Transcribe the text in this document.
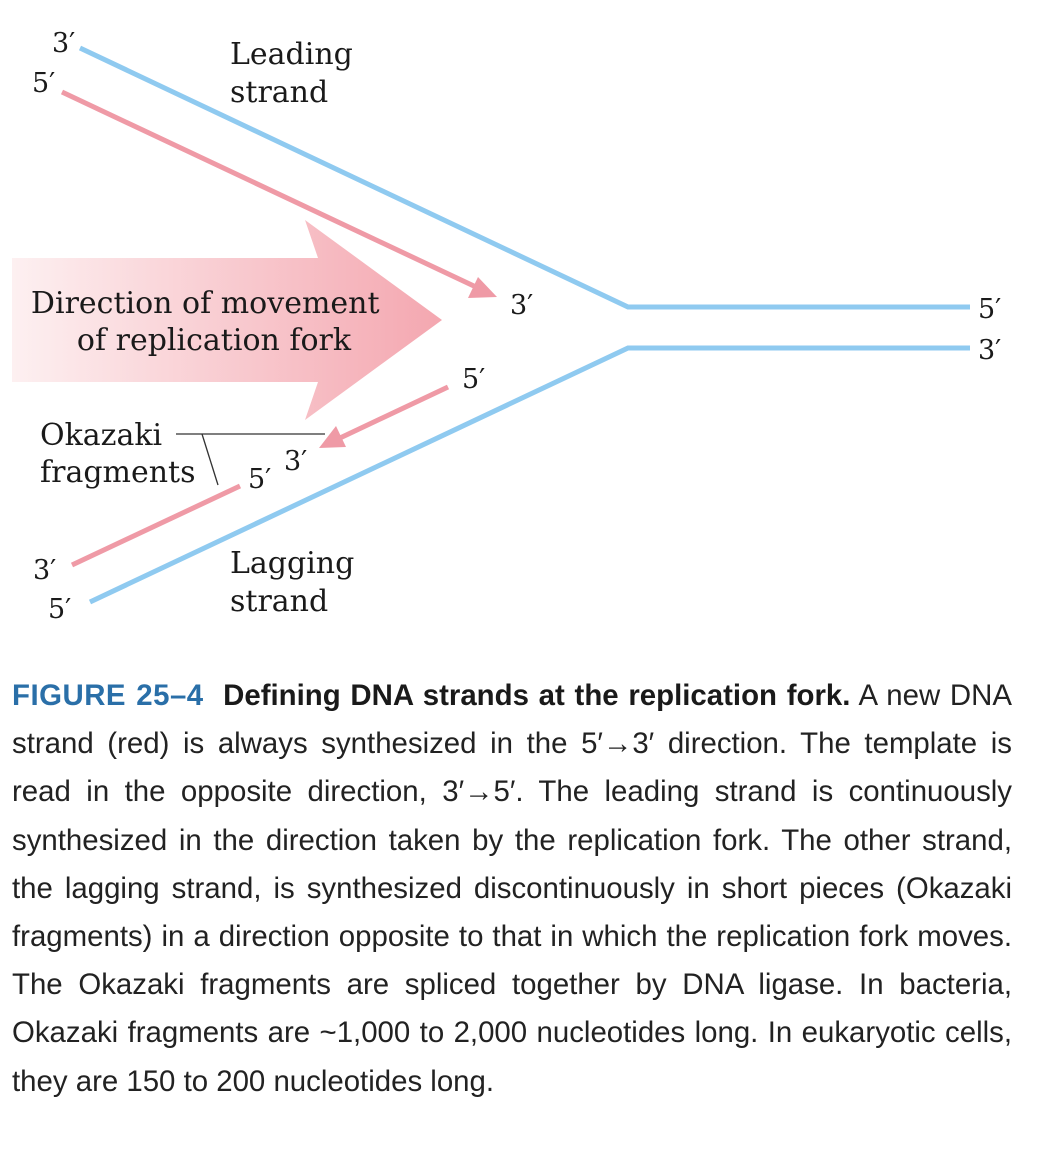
Leading strand
Lagging strand
Direction of movement of replication fork
Okazaki fragments
3′
5′
3′	5′
3′
5′
3′
5′
3′
5′
FIGURE 25–4 Defining DNA strands at the replication fork. A new DNA strand (red) is always synthesized in the 5′→3′ direction. The template is read in the opposite direction, 3′→5′. The leading strand is continuously synthesized in the direction taken by the replication fork. The other strand, the lagging strand, is synthesized discontinuously in short pieces (Okazaki fragments) in a direction opposite to that in which the replication fork moves. The Okazaki fragments are spliced together by DNA ligase. In bacteria, Okazaki fragments are ~1,000 to 2,000 nucleotides long. In eukaryotic cells, they are 150 to 200 nucleotides long.
